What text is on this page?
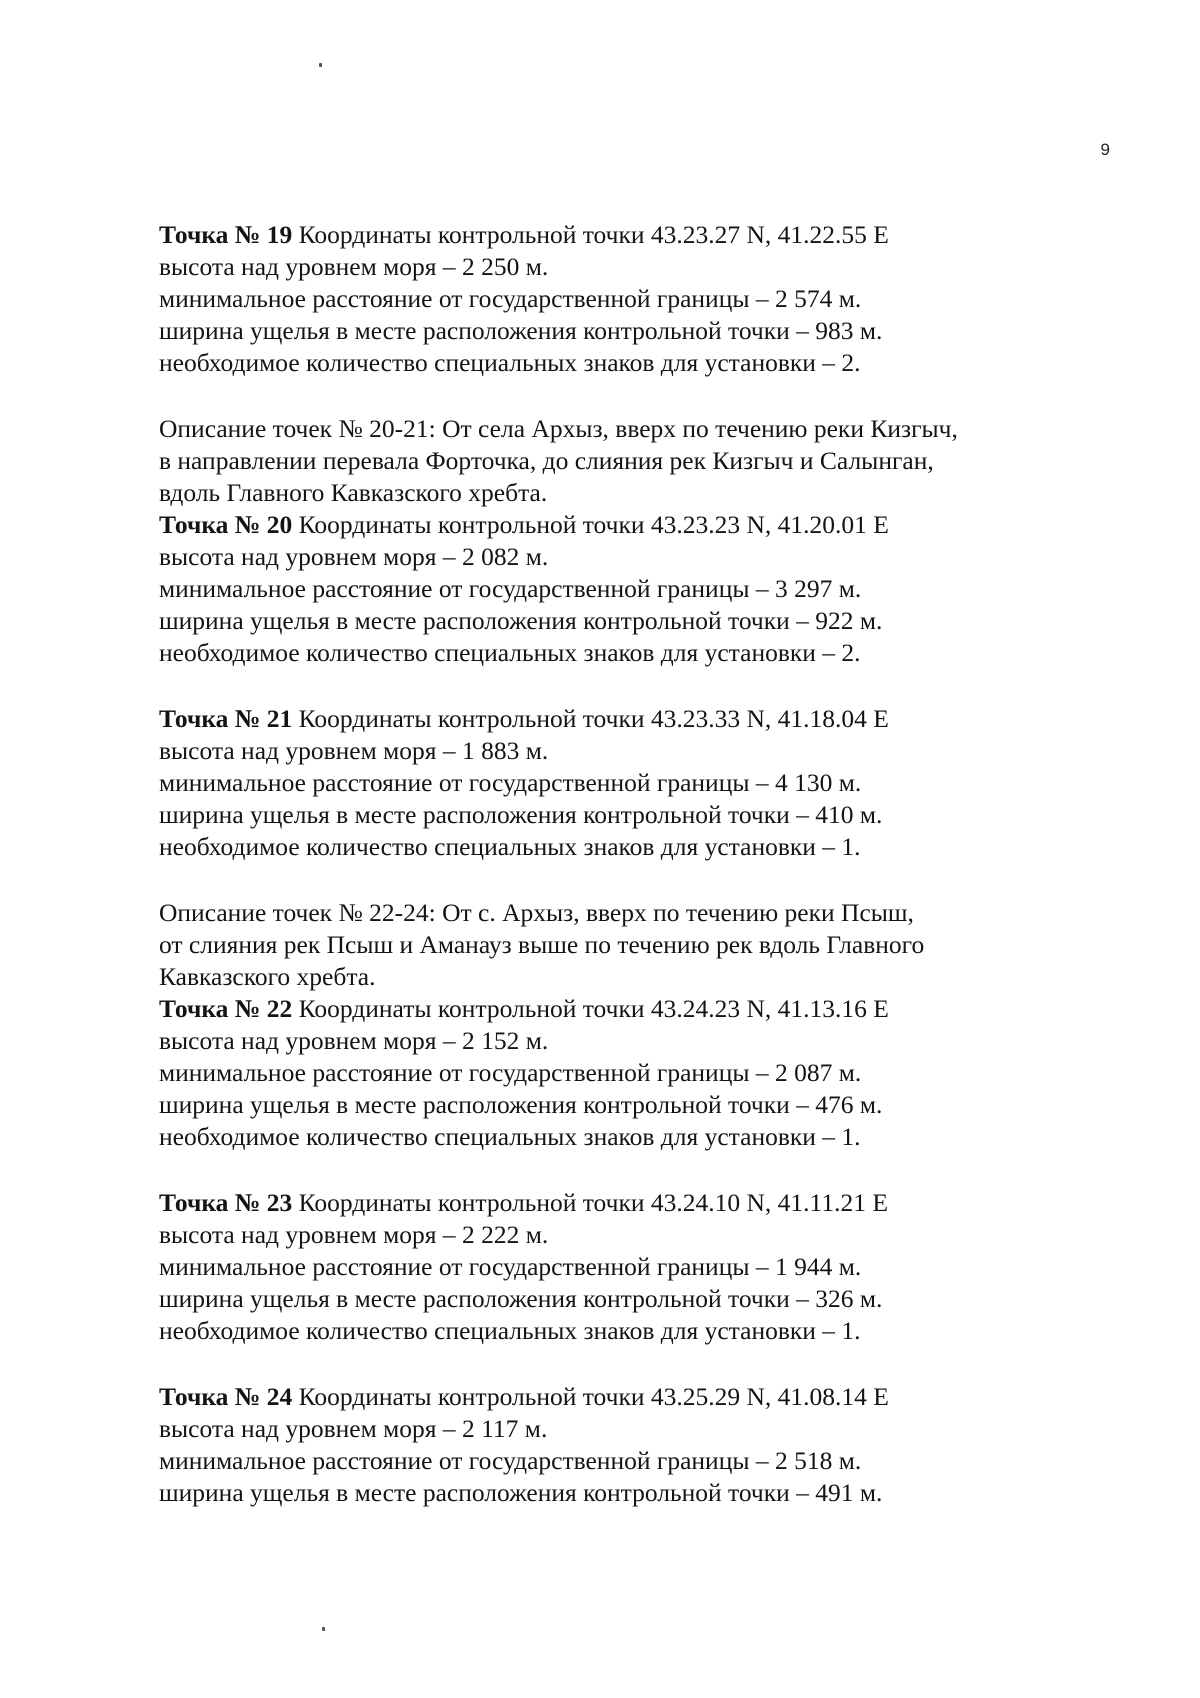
9
Точка № 19 Координаты контрольной точки 43.23.27 N, 41.22.55 E
высота над уровнем моря – 2 250 м.
минимальное расстояние от государственной границы – 2 574 м.
ширина ущелья в месте расположения контрольной точки – 983 м.
необходимое количество специальных знаков для установки – 2.
Описание точек № 20-21: От села Архыз, вверх по течению реки Кизгыч,
в направлении перевала Форточка, до слияния рек Кизгыч и Салынган,
вдоль Главного Кавказского хребта.
Точка № 20 Координаты контрольной точки 43.23.23 N, 41.20.01 E
высота над уровнем моря – 2 082 м.
минимальное расстояние от государственной границы – 3 297 м.
ширина ущелья в месте расположения контрольной точки – 922 м.
необходимое количество специальных знаков для установки – 2.
Точка № 21 Координаты контрольной точки 43.23.33 N, 41.18.04 E
высота над уровнем моря – 1 883 м.
минимальное расстояние от государственной границы – 4 130 м.
ширина ущелья в месте расположения контрольной точки – 410 м.
необходимое количество специальных знаков для установки – 1.
Описание точек № 22-24: От с. Архыз, вверх по течению реки Псыш,
от слияния рек Псыш и Аманауз выше по течению рек вдоль Главного
Кавказского хребта.
Точка № 22 Координаты контрольной точки 43.24.23 N, 41.13.16 E
высота над уровнем моря – 2 152 м.
минимальное расстояние от государственной границы – 2 087 м.
ширина ущелья в месте расположения контрольной точки – 476 м.
необходимое количество специальных знаков для установки – 1.
Точка № 23 Координаты контрольной точки 43.24.10 N, 41.11.21 E
высота над уровнем моря – 2 222 м.
минимальное расстояние от государственной границы – 1 944 м.
ширина ущелья в месте расположения контрольной точки – 326 м.
необходимое количество специальных знаков для установки – 1.
Точка № 24 Координаты контрольной точки 43.25.29 N, 41.08.14 E
высота над уровнем моря – 2 117 м.
минимальное расстояние от государственной границы – 2 518 м.
ширина ущелья в месте расположения контрольной точки – 491 м.
